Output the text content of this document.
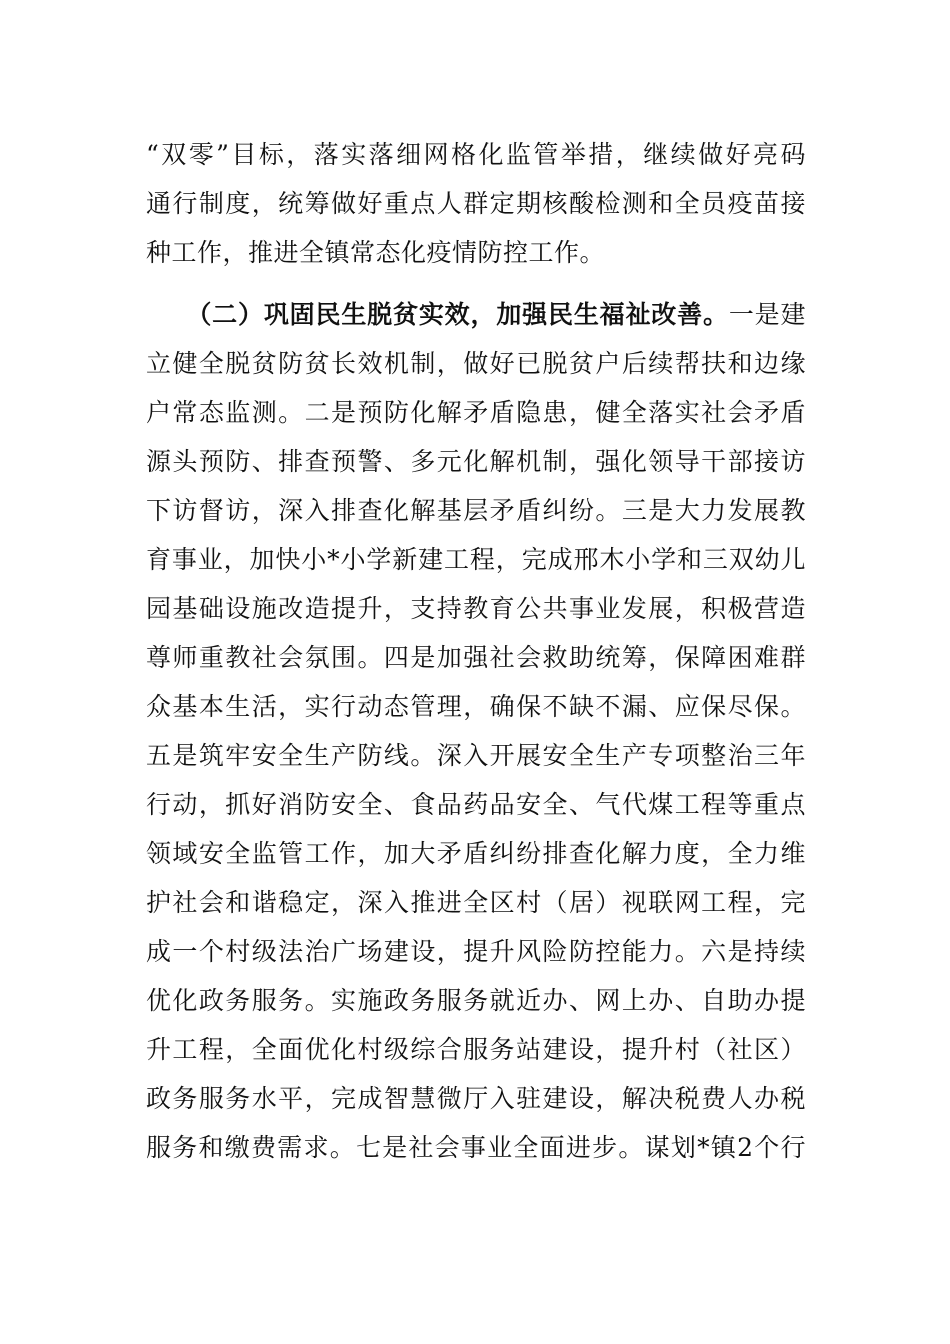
“双零”目标，落实落细网格化监管举措，继续做好亮码
通行制度，统筹做好重点人群定期核酸检测和全员疫苗接
种工作，推进全镇常态化疫情防控工作。
（二）巩固民生脱贫实效，加强民生福祉改善。一是建
立健全脱贫防贫长效机制，做好已脱贫户后续帮扶和边缘
户常态监测。二是预防化解矛盾隐患，健全落实社会矛盾
源头预防、排查预警、多元化解机制，强化领导干部接访
下访督访，深入排查化解基层矛盾纠纷。三是大力发展教
育事业，加快小*小学新建工程，完成邢木小学和三双幼儿
园基础设施改造提升，支持教育公共事业发展，积极营造
尊师重教社会氛围。四是加强社会救助统筹，保障困难群
众基本生活，实行动态管理，确保不缺不漏、应保尽保。
五是筑牢安全生产防线。深入开展安全生产专项整治三年
行动，抓好消防安全、食品药品安全、气代煤工程等重点
领域安全监管工作，加大矛盾纠纷排查化解力度，全力维
护社会和谐稳定，深入推进全区村（居）视联网工程，完
成一个村级法治广场建设，提升风险防控能力。六是持续
优化政务服务。实施政务服务就近办、网上办、自助办提
升工程，全面优化村级综合服务站建设，提升村（社区）
政务服务水平，完成智慧微厅入驻建设，解决税费人办税
服务和缴费需求。七是社会事业全面进步。谋划*镇2个行
